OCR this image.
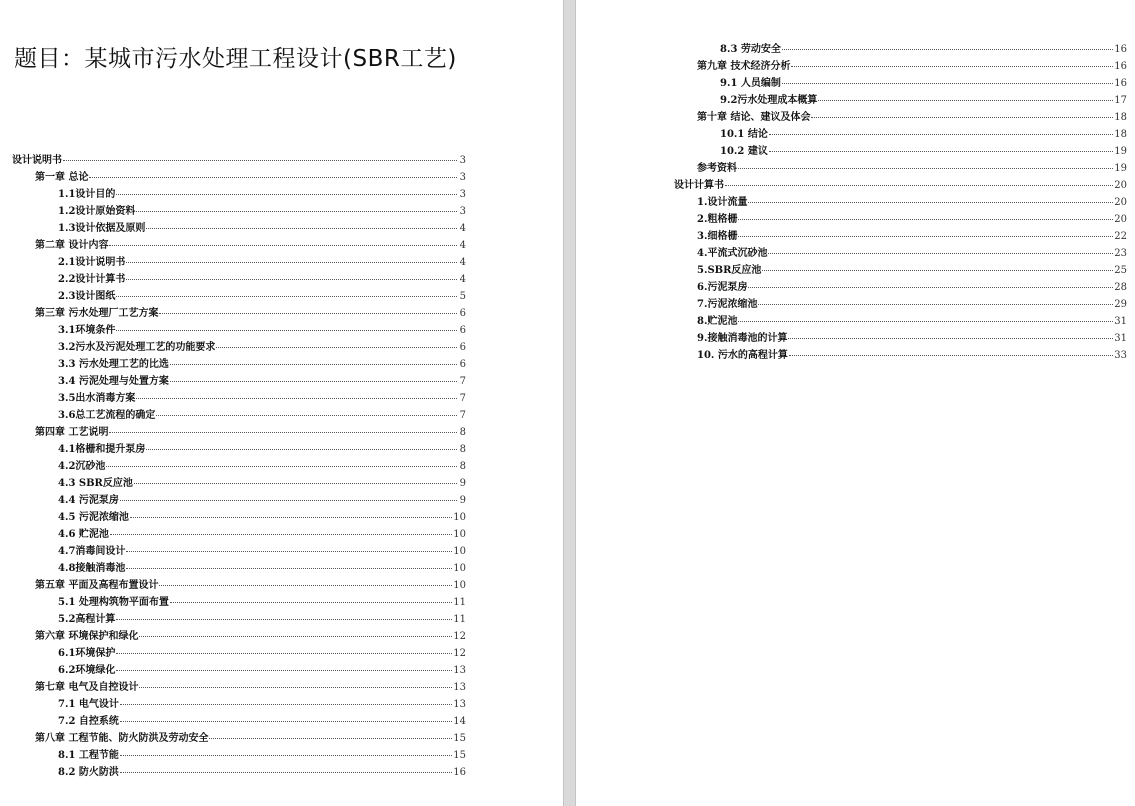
题目：某城市污水处理工程设计(SBR工艺)
设计说明书	3
第一章 总论	3
1.1设计目的	3
1.2设计原始资料	3
1.3设计依据及原则	4
第二章 设计内容	4
2.1设计说明书	4
2.2设计计算书	4
2.3设计图纸	5
第三章 污水处理厂工艺方案	6
3.1环境条件	6
3.2污水及污泥处理工艺的功能要求	6
3.3 污水处理工艺的比选	6
3.4 污泥处理与处置方案	7
3.5出水消毒方案	7
3.6总工艺流程的确定	7
第四章 工艺说明	8
4.1格栅和提升泵房	8
4.2沉砂池	8
4.3 SBR反应池	9
4.4 污泥泵房	9
4.5 污泥浓缩池	10
4.6 贮泥池	10
4.7消毒间设计	10
4.8接触消毒池	10
第五章 平面及高程布置设计	10
5.1 处理构筑物平面布置	11
5.2高程计算	11
第六章 环境保护和绿化	12
6.1环境保护	12
6.2环境绿化	13
第七章 电气及自控设计	13
7.1 电气设计	13
7.2 自控系统	14
第八章 工程节能、防火防洪及劳动安全	15
8.1 工程节能	15
8.2 防火防洪	16
8.3 劳动安全	16
第九章 技术经济分析	16
9.1 人员编制	16
9.2污水处理成本概算	17
第十章 结论、建议及体会	18
10.1 结论	18
10.2 建议	19
参考资料	19
设计计算书	20
1.设计流量	20
2.粗格栅	20
3.细格栅	22
4.平流式沉砂池	23
5.SBR反应池	25
6.污泥泵房	28
7.污泥浓缩池	29
8.贮泥池	31
9.接触消毒池的计算	31
10. 污水的高程计算	33
